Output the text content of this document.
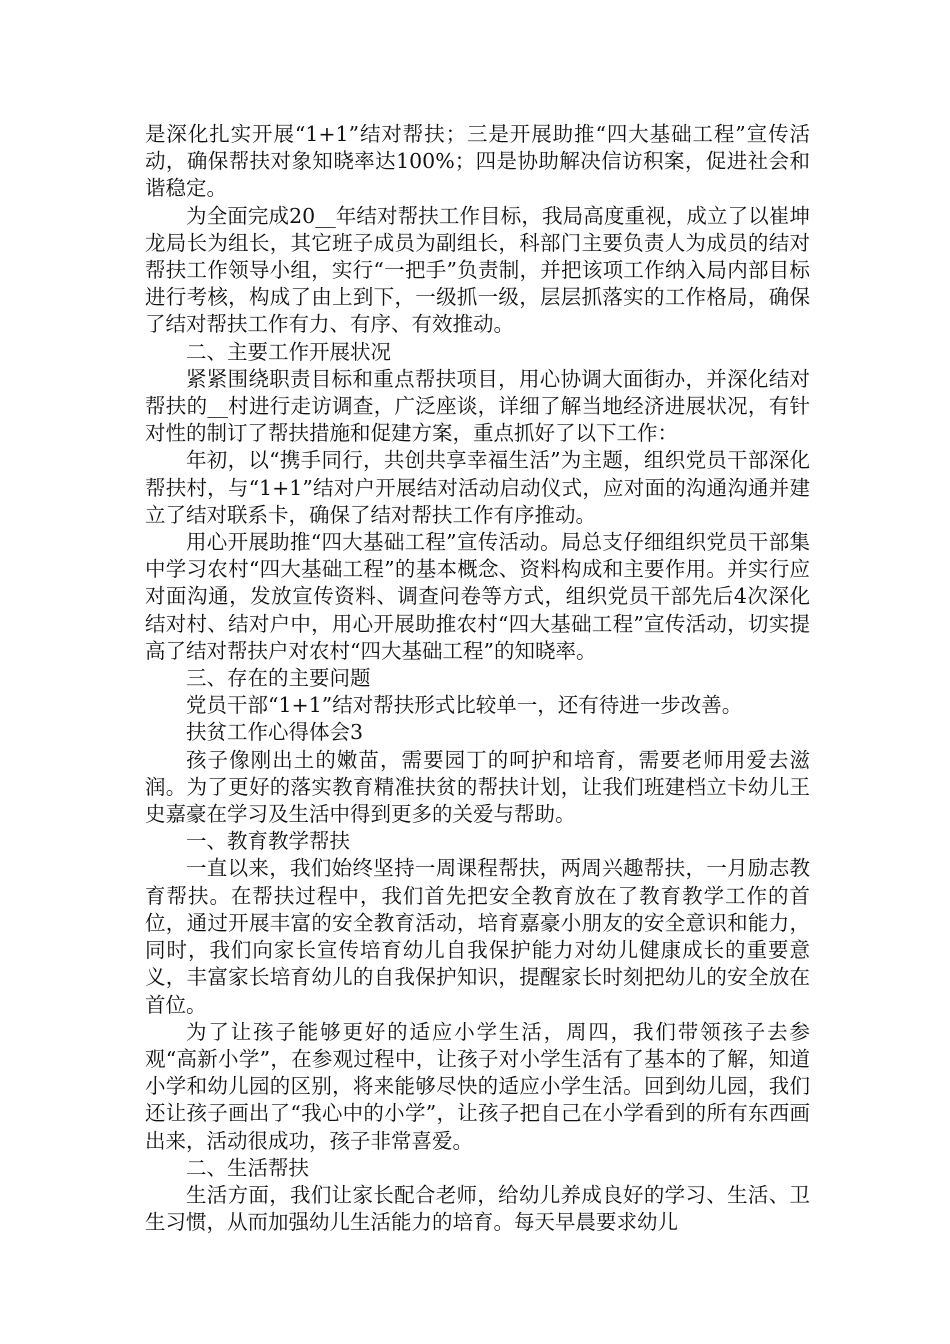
是深化扎实开展“1+1”结对帮扶；三是开展助推“四大基础工程”宣传活动，确保帮扶对象知晓率达100%；四是协助解决信访积案，促进社会和谐稳定。

为全面完成20__年结对帮扶工作目标，我局高度重视，成立了以崔坤龙局长为组长，其它班子成员为副组长，科部门主要负责人为成员的结对帮扶工作领导小组，实行“一把手”负责制，并把该项工作纳入局内部目标进行考核，构成了由上到下，一级抓一级，层层抓落实的工作格局，确保了结对帮扶工作有力、有序、有效推动。

二、主要工作开展状况

紧紧围绕职责目标和重点帮扶项目，用心协调大面街办，并深化结对帮扶的__村进行走访调查，广泛座谈，详细了解当地经济进展状况，有针对性的制订了帮扶措施和促建方案，重点抓好了以下工作：

年初，以“携手同行，共创共享幸福生活”为主题，组织党员干部深化帮扶村，与“1+1”结对户开展结对活动启动仪式，应对面的沟通沟通并建立了结对联系卡，确保了结对帮扶工作有序推动。

用心开展助推“四大基础工程”宣传活动。局总支仔细组织党员干部集中学习农村“四大基础工程”的基本概念、资料构成和主要作用。并实行应对面沟通，发放宣传资料、调查问卷等方式，组织党员干部先后4次深化结对村、结对户中，用心开展助推农村“四大基础工程”宣传活动，切实提高了结对帮扶户对农村“四大基础工程”的知晓率。

三、存在的主要问题

党员干部“1+1”结对帮扶形式比较单一，还有待进一步改善。

扶贫工作心得体会3

孩子像刚出土的嫩苗，需要园丁的呵护和培育，需要老师用爱去滋润。为了更好的落实教育精准扶贫的帮扶计划，让我们班建档立卡幼儿王史嘉豪在学习及生活中得到更多的关爱与帮助。

一、教育教学帮扶

一直以来，我们始终坚持一周课程帮扶，两周兴趣帮扶，一月励志教育帮扶。在帮扶过程中，我们首先把安全教育放在了教育教学工作的首位，通过开展丰富的安全教育活动，培育嘉豪小朋友的安全意识和能力，同时，我们向家长宣传培育幼儿自我保护能力对幼儿健康成长的重要意义，丰富家长培育幼儿的自我保护知识，提醒家长时刻把幼儿的安全放在首位。

为了让孩子能够更好的适应小学生活，周四，我们带领孩子去参观“高新小学”，在参观过程中，让孩子对小学生活有了基本的了解，知道小学和幼儿园的区别，将来能够尽快的适应小学生活。回到幼儿园，我们还让孩子画出了“我心中的小学”，让孩子把自己在小学看到的所有东西画出来，活动很成功，孩子非常喜爱。

二、生活帮扶

生活方面，我们让家长配合老师，给幼儿养成良好的学习、生活、卫生习惯，从而加强幼儿生活能力的培育。每天早晨要求幼儿
